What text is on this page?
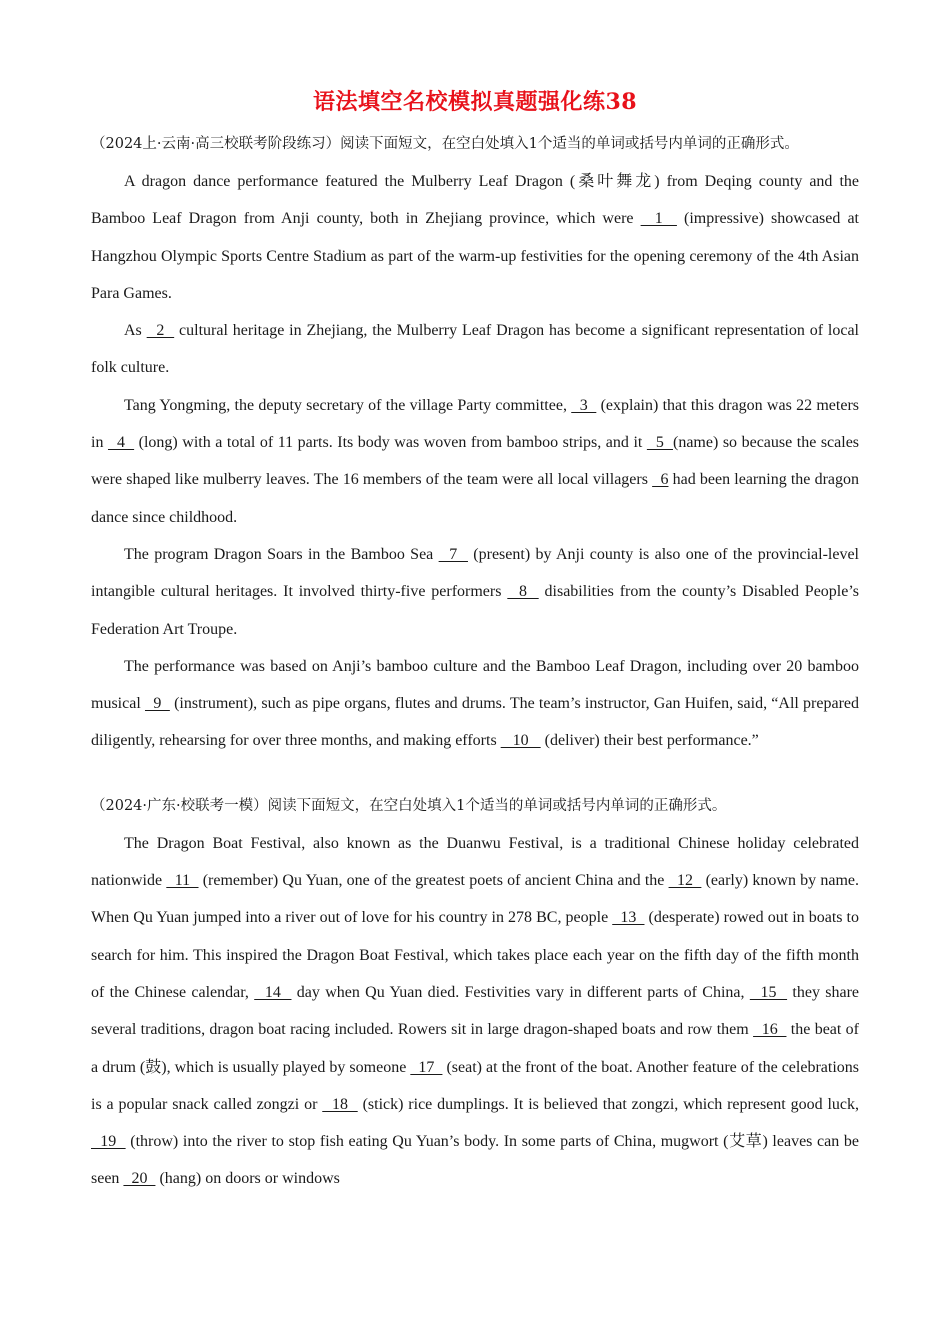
语法填空名校模拟真题强化练38
（2024上·云南·高三校联考阶段练习）阅读下面短文，在空白处填入1个适当的单词或括号内单词的正确形式。

A dragon dance performance featured the Mulberry Leaf Dragon (桑叶舞龙) from Deqing county and the Bamboo Leaf Dragon from Anji county, both in Zhejiang province, which were   1   (impressive) showcased at Hangzhou Olympic Sports Centre Stadium as part of the warm-up festivities for the opening ceremony of the 4th Asian Para Games.

As   2   cultural heritage in Zhejiang, the Mulberry Leaf Dragon has become a significant representation of local folk culture.

Tang Yongming, the deputy secretary of the village Party committee,   3   (explain) that this dragon was 22 meters in   4   (long) with a total of 11 parts. Its body was woven from bamboo strips, and it   5  (name) so because the scales were shaped like mulberry leaves. The 16 members of the team were all local villagers   6 had been learning the dragon dance since childhood.

The program Dragon Soars in the Bamboo Sea   7   (present) by Anji county is also one of the provincial-level intangible cultural heritages. It involved thirty-five performers   8   disabilities from the county’s Disabled People’s Federation Art Troupe.

The performance was based on Anji’s bamboo culture and the Bamboo Leaf Dragon, including over 20 bamboo musical   9   (instrument), such as pipe organs, flutes and drums. The team’s instructor, Gan Huifen, said, “All prepared diligently, rehearsing for over three months, and making efforts    10    (deliver) their best performance.”

（2024·广东·校联考一模）阅读下面短文，在空白处填入1个适当的单词或括号内单词的正确形式。

The Dragon Boat Festival, also known as the Duanwu Festival, is a traditional Chinese holiday celebrated nationwide   11   (remember) Qu Yuan, one of the greatest poets of ancient China and the   12   (early) known by name. When Qu Yuan jumped into a river out of love for his country in 278 BC, people   13   (desperate) rowed out in boats to search for him. This inspired the Dragon Boat Festival, which takes place each year on the fifth day of the fifth month of the Chinese calendar,   14   day when Qu Yuan died. Festivities vary in different parts of China,   15   they share several traditions, dragon boat racing included. Rowers sit in large dragon-shaped boats and row them   16   the beat of a drum (鼓), which is usually played by someone   17   (seat) at the front of the boat. Another feature of the celebrations is a popular snack called zongzi or   18   (stick) rice dumplings. It is believed that zongzi, which represent good luck,   19   (throw) into the river to stop fish eating Qu Yuan’s body. In some parts of China, mugwort (艾草) leaves can be seen   20   (hang) on doors or windows
